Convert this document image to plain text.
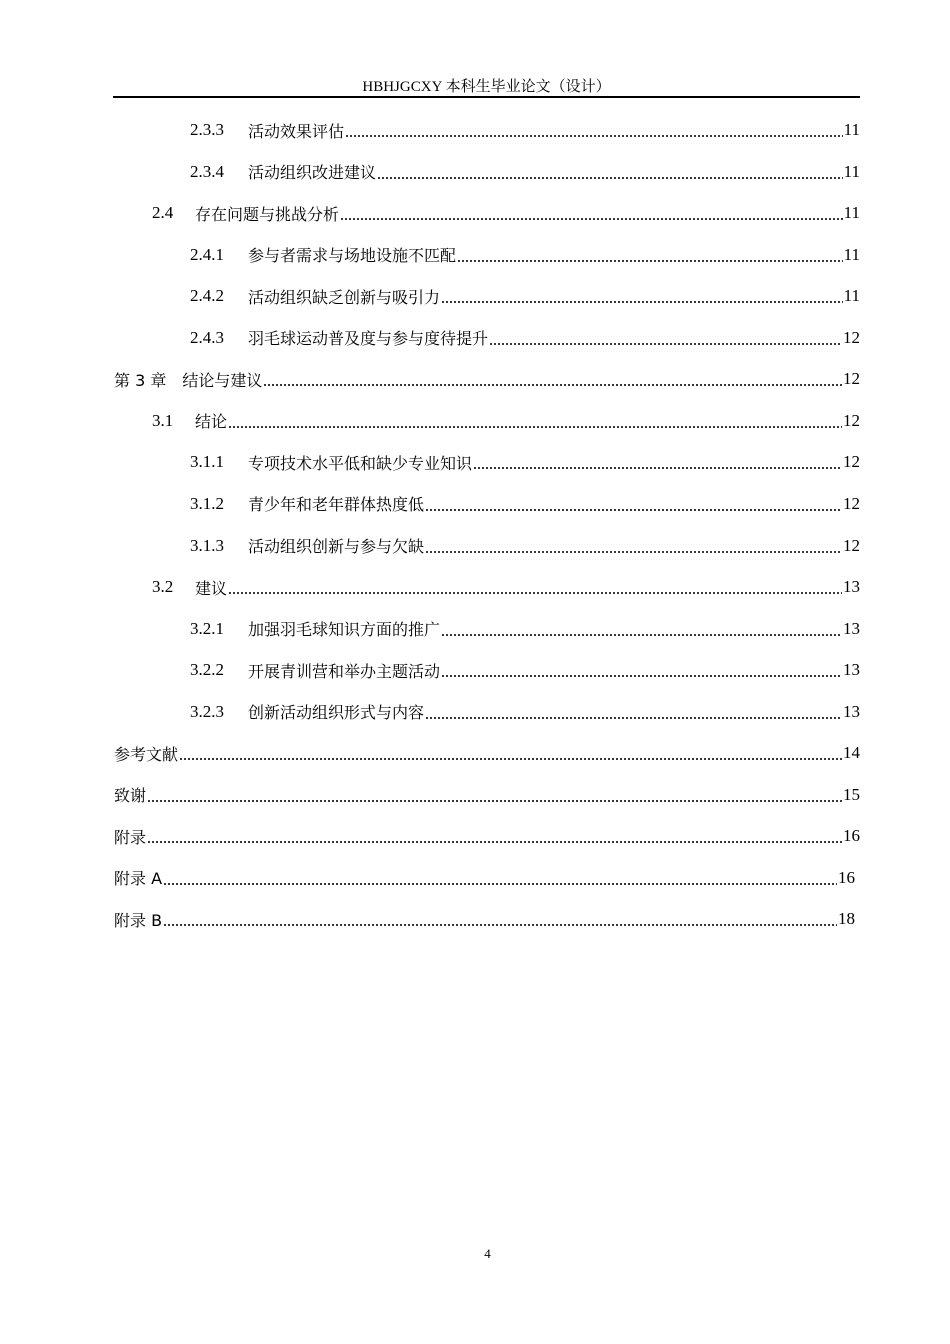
HBHJGCXY 本科生毕业论文（设计）
2.3.3	活动效果评估	11
2.3.4	活动组织改进建议	11
2.4	存在问题与挑战分析	11
2.4.1	参与者需求与场地设施不匹配	11
2.4.2	活动组织缺乏创新与吸引力	11
2.4.3	羽毛球运动普及度与参与度待提升	12
第 3 章 结论与建议	12
3.1	结论	12
3.1.1	专项技术水平低和缺少专业知识	12
3.1.2	青少年和老年群体热度低	12
3.1.3	活动组织创新与参与欠缺	12
3.2	建议	13
3.2.1	加强羽毛球知识方面的推广	13
3.2.2	开展青训营和举办主题活动	13
3.2.3	创新活动组织形式与内容	13
参考文献	14
致谢	15
附录	16
附录 A	16
附录 B	18
4
